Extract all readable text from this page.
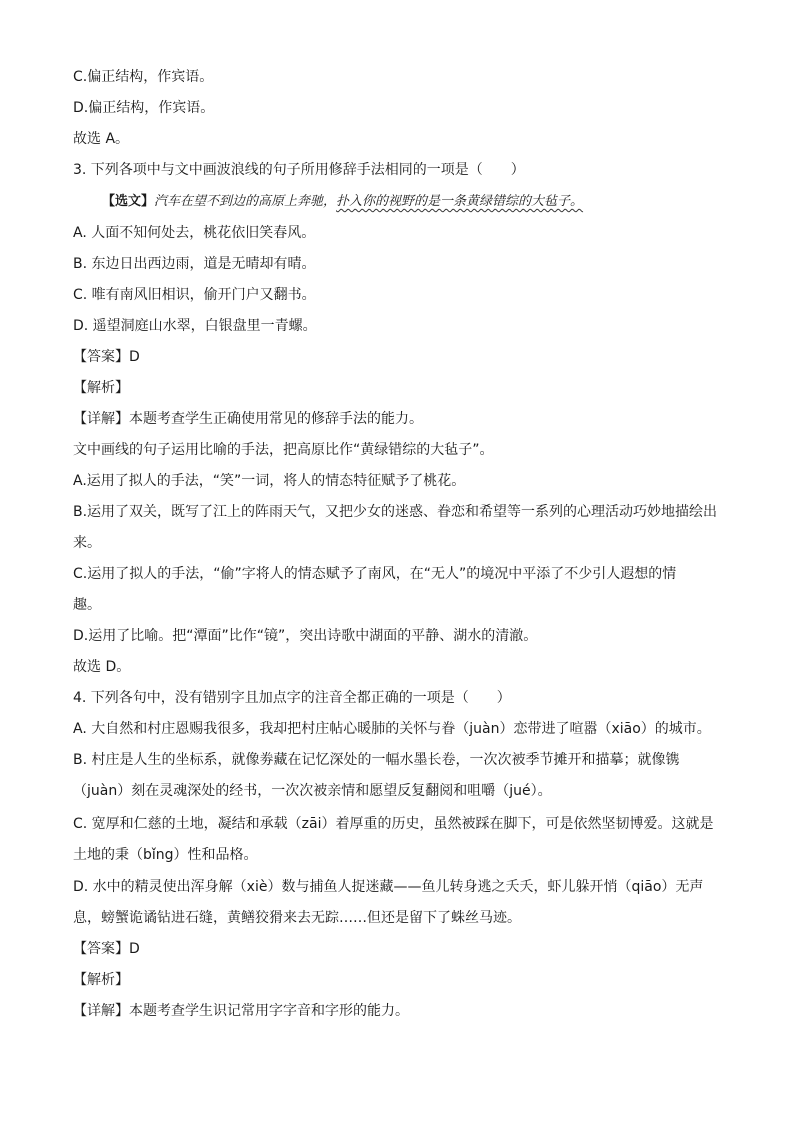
C.偏正结构，作宾语。
D.偏正结构，作宾语。
故选 A。
3. 下列各项中与文中画波浪线的句子所用修辞手法相同的一项是（　　）
【选文】汽车在望不到边的高原上奔驰，扑入你的视野的是一条黄绿错综的大毡子。
A. 人面不知何处去，桃花依旧笑春风。
B. 东边日出西边雨，道是无晴却有晴。
C. 唯有南风旧相识，偷开门户又翻书。
D. 遥望洞庭山水翠，白银盘里一青螺。
【答案】D
【解析】
【详解】本题考查学生正确使用常见的修辞手法的能力。
文中画线的句子运用比喻的手法，把高原比作“黄绿错综的大毡子”。
A.运用了拟人的手法，“笑”一词，将人的情态特征赋予了桃花。
B.运用了双关，既写了江上的阵雨天气，又把少女的迷惑、眷恋和希望等一系列的心理活动巧妙地描绘出
来。
C.运用了拟人的手法，“偷”字将人的情态赋予了南风，在“无人”的境况中平添了不少引人遐想的情
趣。
D.运用了比喻。把“潭面”比作“镜”，突出诗歌中湖面的平静、湖水的清澈。
故选 D。
4. 下列各句中，没有错别字且加点字的注音全都正确的一项是（　　）
A. 大自然和村庄恩赐我很多，我却把村庄帖心暖肺的关怀与眷（juàn）恋带进了喧嚣（xiāo）的城市。
B. 村庄是人生的坐标系，就像劵藏在记忆深处的一幅水墨长卷，一次次被季节摊开和描摹；就像镌
（juàn）刻在灵魂深处的经书，一次次被亲情和愿望反复翻阅和咀嚼（jué）。
C. 宽厚和仁慈的土地，凝结和承载（zāi）着厚重的历史，虽然被踩在脚下，可是依然坚韧博爱。这就是
土地的秉（bǐng）性和品格。
D. 水中的精灵使出浑身解（xiè）数与捕鱼人捉迷藏——鱼儿转身逃之夭夭，虾儿躲开悄（qiāo）无声
息，螃蟹诡谲钻进石缝，黄鳝狡猾来去无踪……但还是留下了蛛丝马迹。
【答案】D
【解析】
【详解】本题考查学生识记常用字字音和字形的能力。
